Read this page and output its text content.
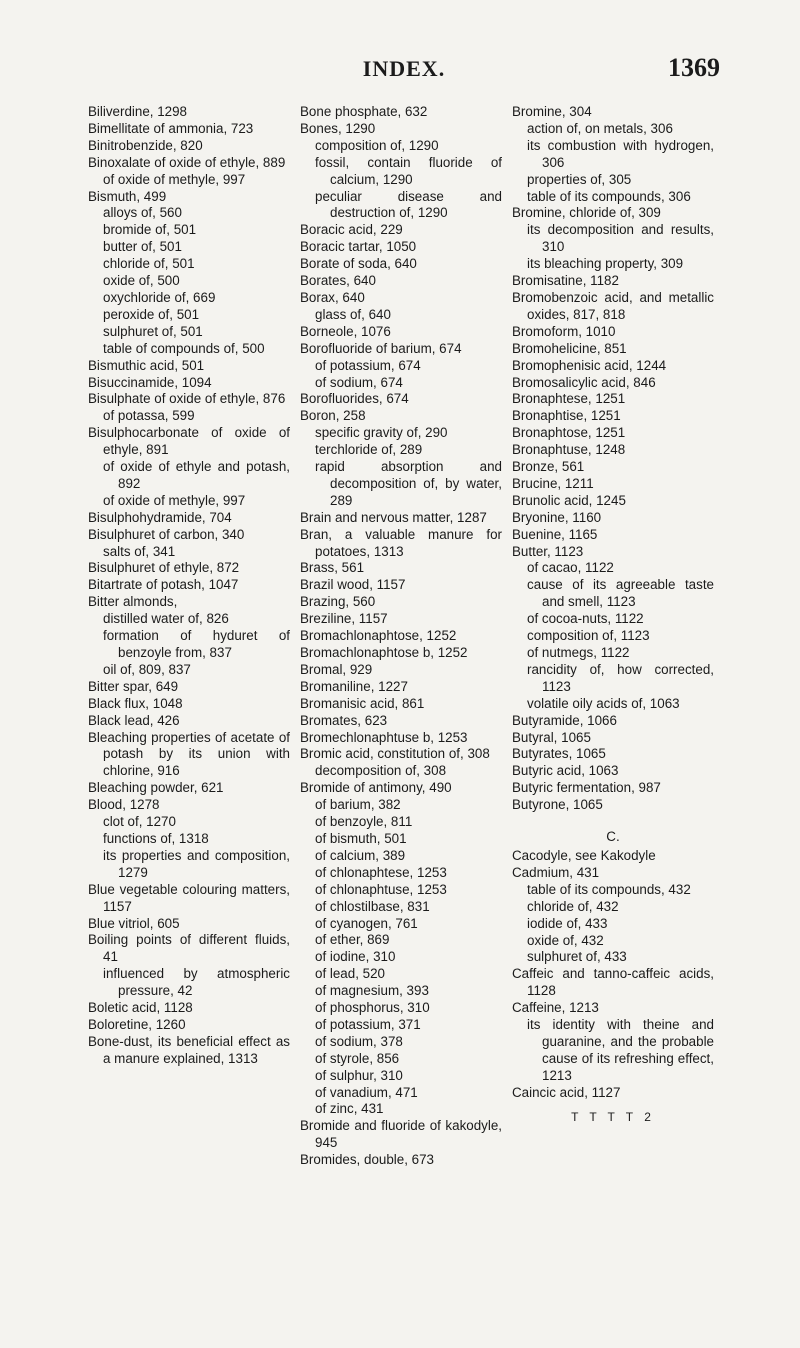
INDEX.	1369
Biliverdine, 1298
Bimellitate of ammonia, 723
Binitrobenzide, 820
Binoxalate of oxide of ethyle, 889
of oxide of methyle, 997
Bismuth, 499
alloys of, 560
bromide of, 501
butter of, 501
chloride of, 501
oxide of, 500
oxychloride of, 669
peroxide of, 501
sulphuret of, 501
table of compounds of, 500
Bismuthic acid, 501
Bisuccinamide, 1094
Bisulphate of oxide of ethyle, 876
of potassa, 599
Bisulphocarbonate of oxide of ethyle, 891
of oxide of ethyle and potash, 892
of oxide of methyle, 997
Bisulphohydramide, 704
Bisulphuret of carbon, 340
salts of, 341
Bisulphuret of ethyle, 872
Bitartrate of potash, 1047
Bitter almonds,
distilled water of, 826
formation of hyduret of benzoyle from, 837
oil of, 809, 837
Bitter spar, 649
Black flux, 1048
Black lead, 426
Bleaching properties of acetate of potash by its union with chlorine, 916
Bleaching powder, 621
Blood, 1278
clot of, 1270
functions of, 1318
its properties and composition, 1279
Blue vegetable colouring matters, 1157
Blue vitriol, 605
Boiling points of different fluids, 41
influenced by atmospheric pressure, 42
Boletic acid, 1128
Boloretine, 1260
Bone-dust, its beneficial effect as a manure explained, 1313
Bone phosphate, 632
Bones, 1290
composition of, 1290
fossil, contain fluoride of calcium, 1290
peculiar disease and destruction of, 1290
Boracic acid, 229
Boracic tartar, 1050
Borate of soda, 640
Borates, 640
Borax, 640
glass of, 640
Borneole, 1076
Borofluoride of barium, 674
of potassium, 674
of sodium, 674
Borofluorides, 674
Boron, 258
specific gravity of, 290
terchloride of, 289
rapid absorption and decomposition of, by water, 289
Brain and nervous matter, 1287
Bran, a valuable manure for potatoes, 1313
Brass, 561
Brazil wood, 1157
Brazing, 560
Breziline, 1157
Bromachlonaphtose, 1252
Bromachlonaphtose b, 1252
Bromal, 929
Bromaniline, 1227
Bromanisic acid, 861
Bromates, 623
Bromechlonaphtuse b, 1253
Bromic acid, constitution of, 308
decomposition of, 308
Bromide of antimony, 490
of barium, 382
of benzoyle, 811
of bismuth, 501
of calcium, 389
of chlonaphtese, 1253
of chlonaphtuse, 1253
of chlostilbase, 831
of cyanogen, 761
of ether, 869
of iodine, 310
of lead, 520
of magnesium, 393
of phosphorus, 310
of potassium, 371
of sodium, 378
of styrole, 856
of sulphur, 310
of vanadium, 471
of zinc, 431
Bromide and fluoride of kakodyle, 945
Bromides, double, 673
Bromine, 304
action of, on metals, 306
its combustion with hydrogen, 306
properties of, 305
table of its compounds, 306
Bromine, chloride of, 309
its decomposition and results, 310
its bleaching property, 309
Bromisatine, 1182
Bromobenzoic acid, and metallic oxides, 817, 818
Bromoform, 1010
Bromohelicine, 851
Bromophenisic acid, 1244
Bromosalicylic acid, 846
Bronaphtese, 1251
Bronaphtise, 1251
Bronaphtose, 1251
Bronaphtuse, 1248
Bronze, 561
Brucine, 1211
Brunolic acid, 1245
Bryonine, 1160
Buenine, 1165
Butter, 1123
of cacao, 1122
cause of its agreeable taste and smell, 1123
of cocoa-nuts, 1122
composition of, 1123
of nutmegs, 1122
rancidity of, how corrected, 1123
volatile oily acids of, 1063
Butyramide, 1066
Butyral, 1065
Butyrates, 1065
Butyric acid, 1063
Butyric fermentation, 987
Butyrone, 1065
C.
Cacodyle, see Kakodyle
Cadmium, 431
table of its compounds, 432
chloride of, 432
iodide of, 433
oxide of, 432
sulphuret of, 433
Caffeic and tanno-caffeic acids, 1128
Caffeine, 1213
its identity with theine and guaranine, and the probable cause of its refreshing effect, 1213
Caincic acid, 1127
T T T T 2
